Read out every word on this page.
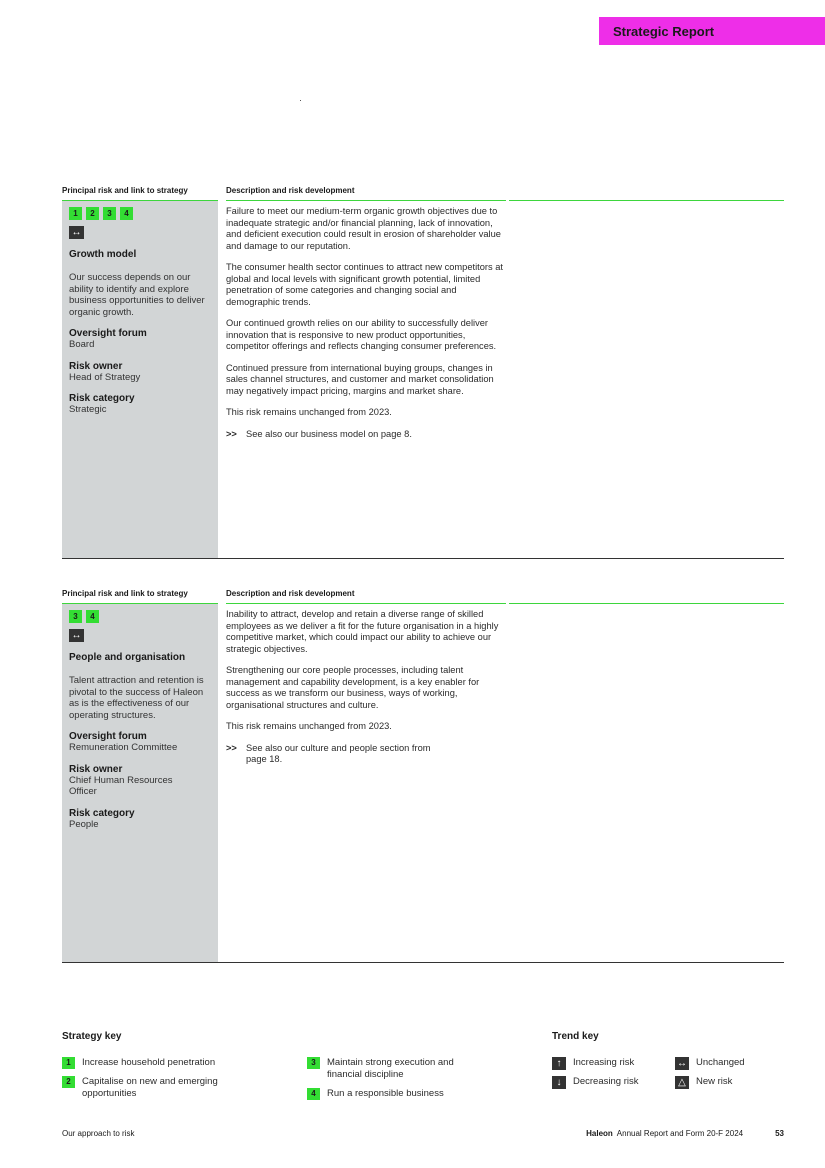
Strategic Report
Principal risk and link to strategy	Description and risk development
1	2	3	4
↔
Growth model
Our success depends on our ability to identify and explore business opportunities to deliver organic growth.
Oversight forum
Board
Risk owner
Head of Strategy
Risk category
Strategic

Failure to meet our medium-term organic growth objectives due to inadequate strategic and/or financial planning, lack of innovation, and deficient execution could result in erosion of shareholder value and damage to our reputation.

The consumer health sector continues to attract new competitors at global and local levels with significant growth potential, limited penetration of some categories and changing social and demographic trends.

Our continued growth relies on our ability to successfully deliver innovation that is responsive to new product opportunities, competitor offerings and reflects changing consumer preferences.

Continued pressure from international buying groups, changes in sales channel structures, and customer and market consolidation may negatively impact pricing, margins and market share.

This risk remains unchanged from 2023.

>> See also our business model on page 8.
Principal risk and link to strategy	Description and risk development
3	4
↔
People and organisation
Talent attraction and retention is pivotal to the success of Haleon as is the effectiveness of our operating structures.
Oversight forum
Remuneration Committee
Risk owner
Chief Human Resources Officer
Risk category
People

Inability to attract, develop and retain a diverse range of skilled employees as we deliver a fit for the future organisation in a highly competitive market, which could impact our ability to achieve our strategic objectives.

Strengthening our core people processes, including talent management and capability development, is a key enabler for success as we transform our business, ways of working, organisational structures and culture.

This risk remains unchanged from 2023.

>> See also our culture and people section from page 18.
Strategy key
1	Increase household penetration
2	Capitalise on new and emerging opportunities
3	Maintain strong execution and financial discipline
4	Run a responsible business
Trend key
↑	Increasing risk
↓	Decreasing risk
↔ Unchanged
△	New risk
Our approach to risk	Haleon Annual Report and Form 20-F 2024	53
